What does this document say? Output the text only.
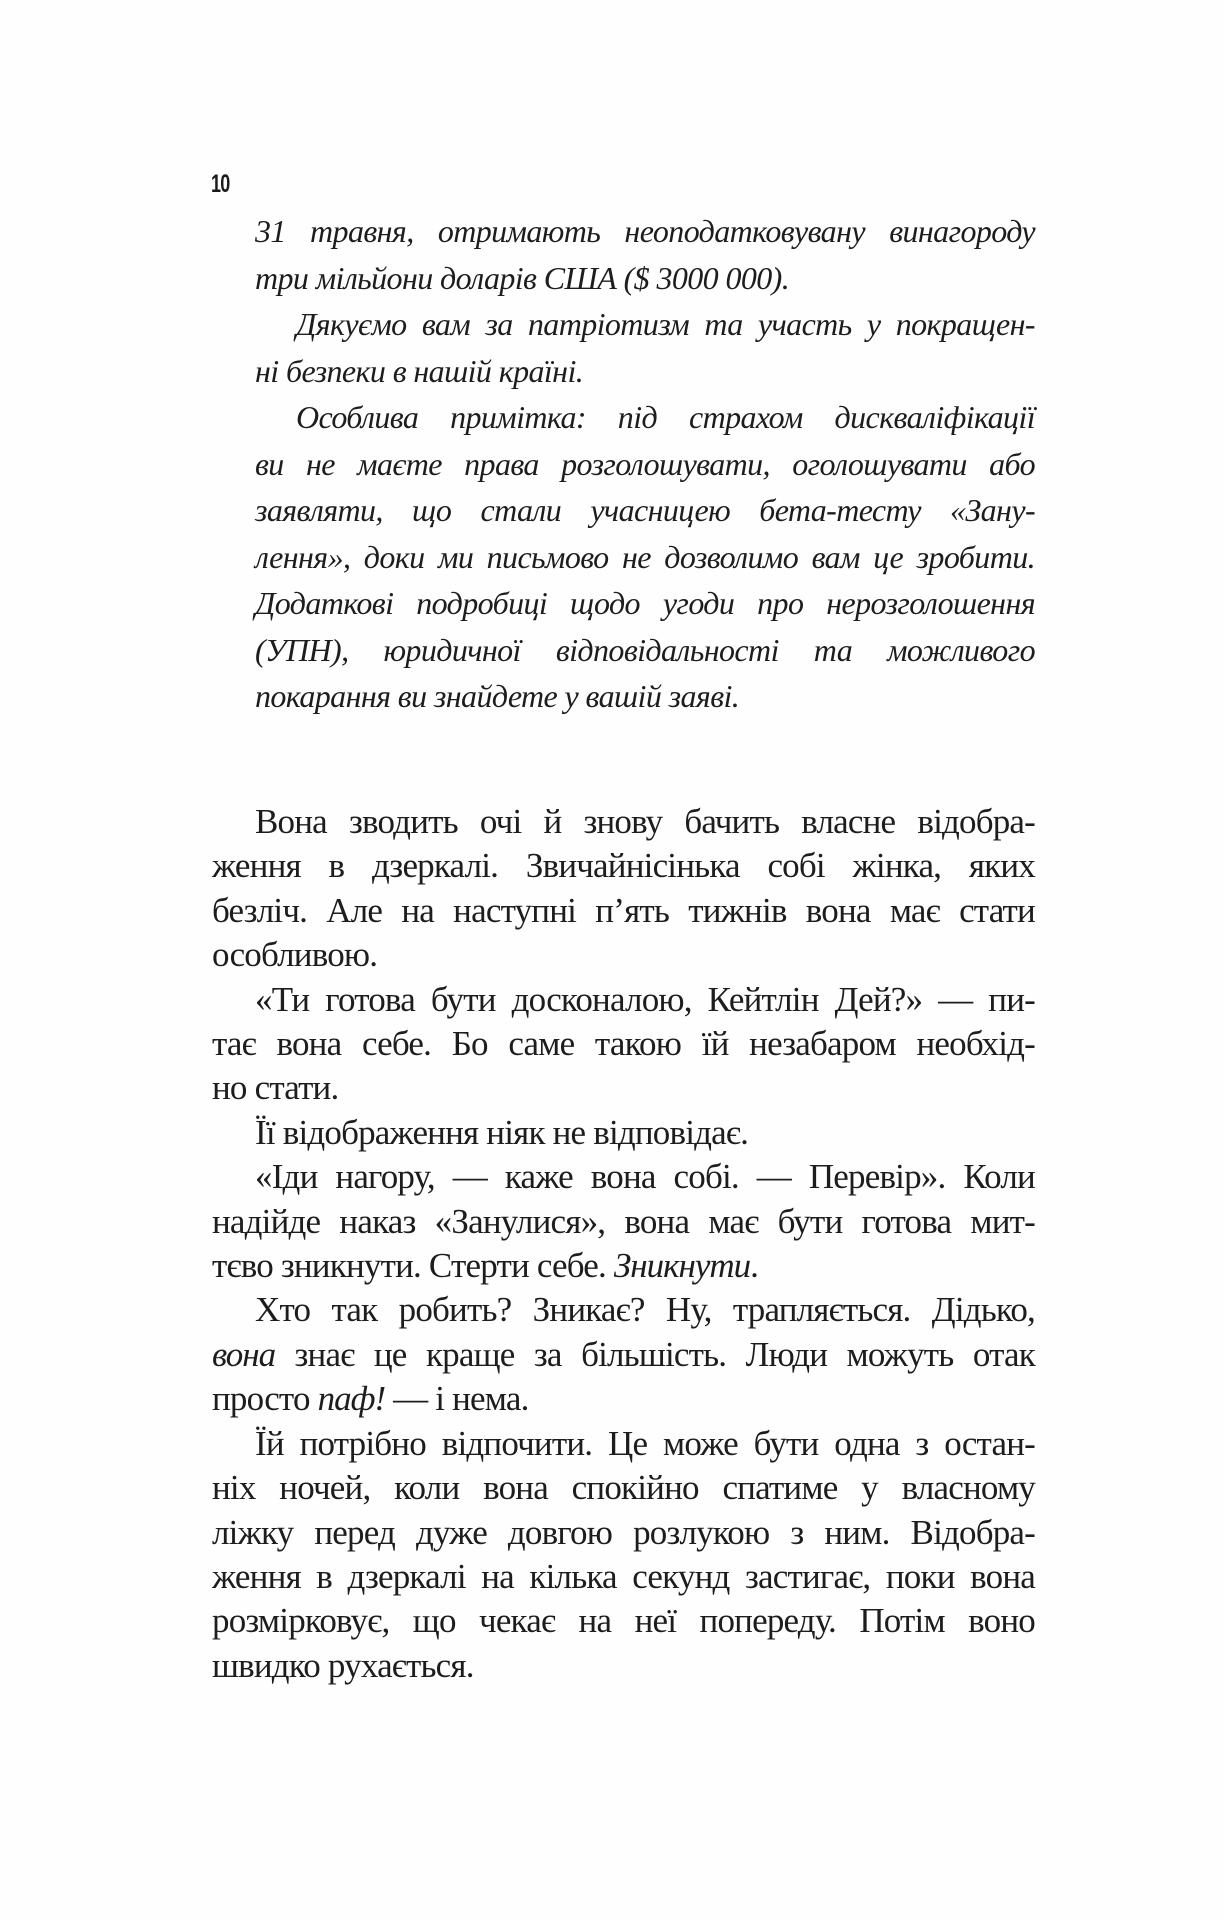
10
31 травня, отримають неоподатковувану винагороду
три мільйони доларів США ($ 3000 000).
Дякуємо вам за патріотизм та участь у покращен-
ні безпеки в нашій країні.
Особлива примітка: під страхом дискваліфікації
ви не маєте права розголошувати, оголошувати або
заявляти, що стали учасницею бета-тесту «Зану-
лення», доки ми письмово не дозволимо вам це зробити.
Додаткові подробиці щодо угоди про нерозголошення
(УПН), юридичної відповідальності та можливого
покарання ви знайдете у вашій заяві.
Вона зводить очі й знову бачить власне відобра-
ження в дзеркалі. Звичайнісінька собі жінка, яких
безліч. Але на наступні п’ять тижнів вона має стати
особливою.
«Ти готова бути досконалою, Кейтлін Дей?» — пи-
тає вона себе. Бо саме такою їй незабаром необхід-
но стати.
Її відображення ніяк не відповідає.
«Іди нагору, — каже вона собі. — Перевір». Коли
надійде наказ «Занулися», вона має бути готова мит-
тєво зникнути. Стерти себе. Зникнути.
Хто так робить? Зникає? Ну, трапляється. Дідько,
вона знає це краще за більшість. Люди можуть отак
просто паф! — і нема.
Їй потрібно відпочити. Це може бути одна з остан-
ніх ночей, коли вона спокійно спатиме у власному
ліжку перед дуже довгою розлукою з ним. Відобра-
ження в дзеркалі на кілька секунд застигає, поки вона
розмірковує, що чекає на неї попереду. Потім воно
швидко рухається.
